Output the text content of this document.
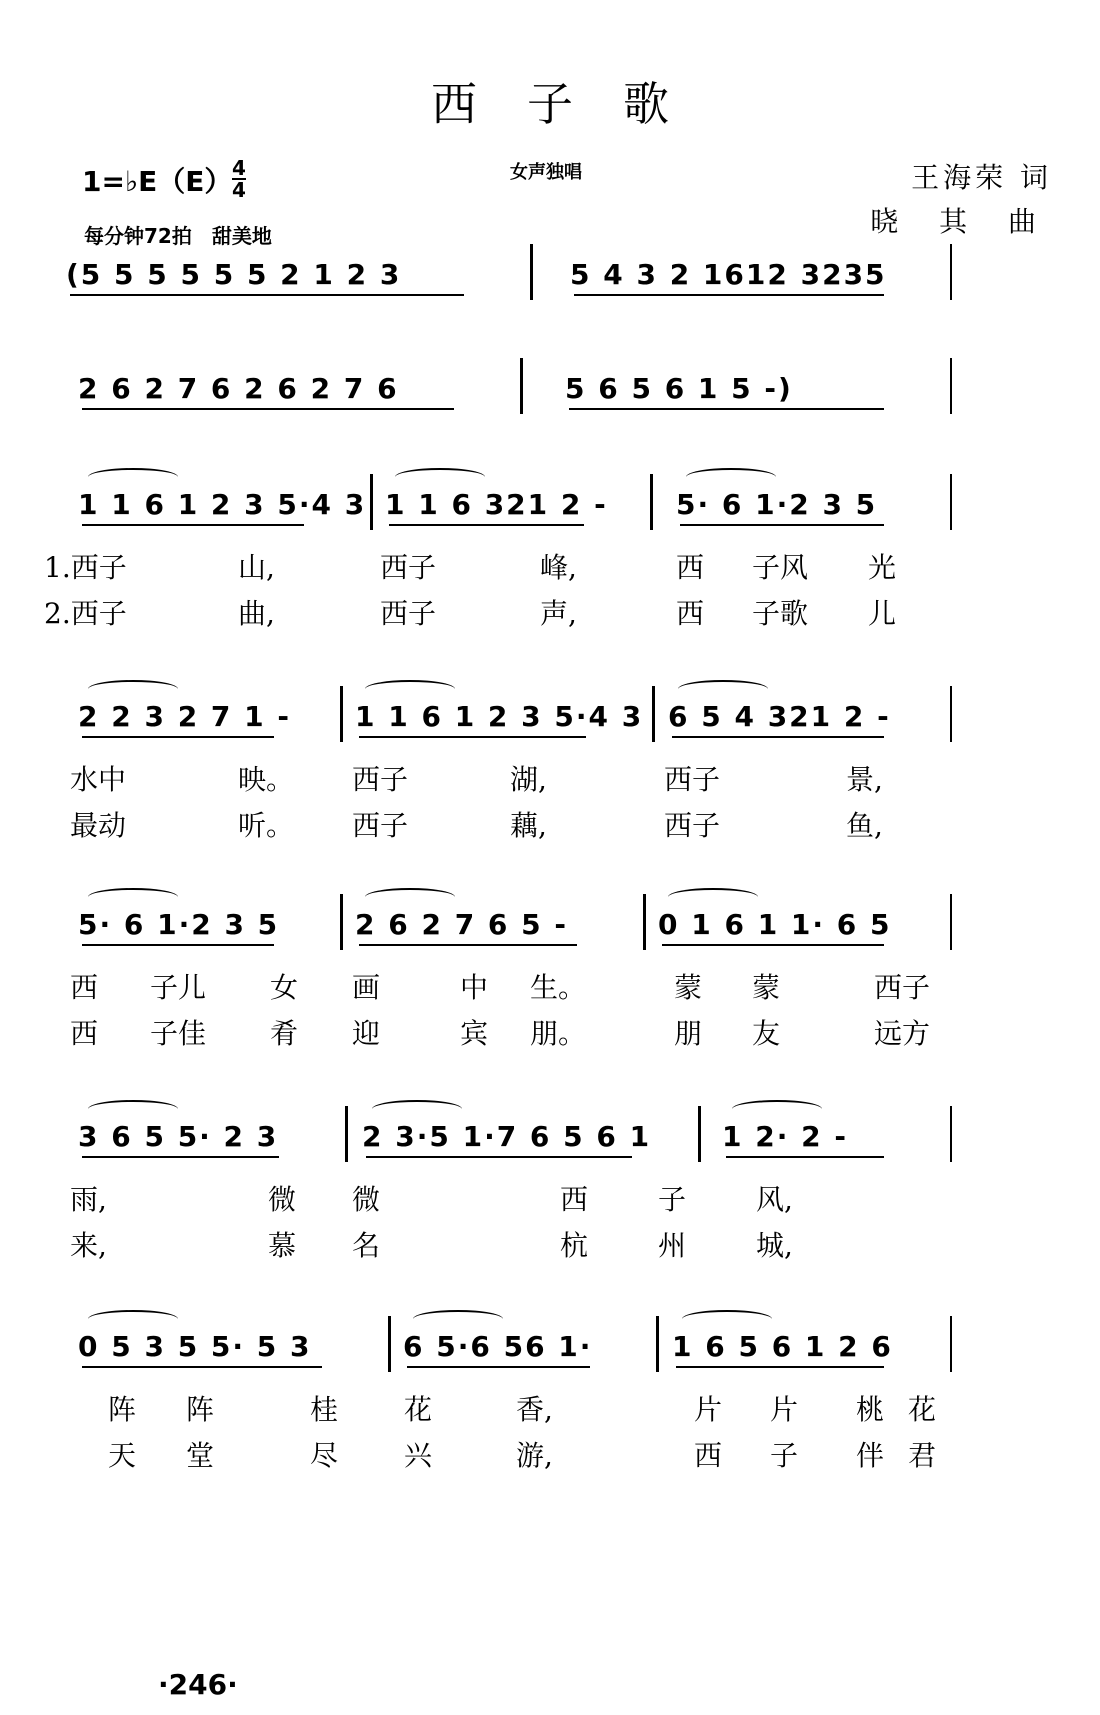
西子歌
1=♭E（E） 4
4
每分钟72拍　甜美地
女声独唱	王海荣 词
晓 其 曲
(5 5 5 5 5 5 2 1 2 3	5 4 3 2 1612 3235
2 6 2 7 6 2 6 2 7 6	5 6 5 6 1 5 -)
1 1 6 1 2 3 5·4 3 1 1 6 321 2 - 5· 6 1·2 3 5
1.西子	山,	西子	峰,	西 子风 光
2.西子	曲,	西子	声,	西 子歌 儿
2 2 3 2 7 1 - 1 1 6 1 2 3 5·4 3 6 5 4 321 2 -
水中	映。 西子	湖,	西子	景,
最动	听。 西子	藕,	西子	鱼,
5· 6 1·2 3 5	2 6 2 7 6 5 -	0 1 6 1 1· 6 5
西 子儿 女 画	中 生。	蒙 蒙	西子
西 子佳 肴 迎	宾 朋。	朋 友	远方
3 6 5 5· 2 3	2 3·5 1·7 6 5 6 1	1 2· 2 -
雨,	微 微	西 子 风,
来,	慕 名	杭 州 城,
0 5 3 5 5· 5 3	6 5·6 56 1·	1 6 5 6 1 2 6
阵 阵	桂 花	香,	片 片 桃 花
天 堂	尽 兴	游,	西 子 伴 君
·246·
